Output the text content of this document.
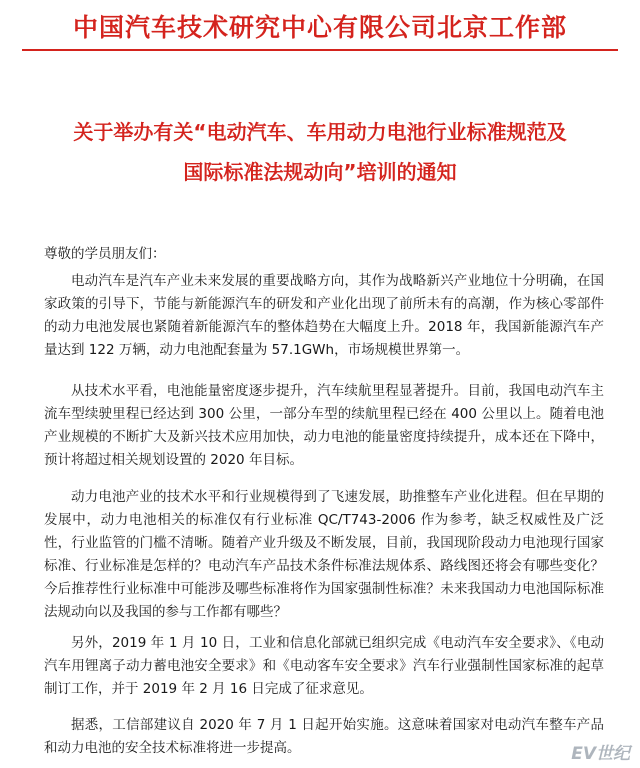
中国汽车技术研究中心有限公司北京工作部
关于举办有关“电动汽车、车用动力电池行业标准规范及
国际标准法规动向”培训的通知
尊敬的学员朋友们：

电动汽车是汽车产业未来发展的重要战略方向，其作为战略新兴产业地位十分明确，在国家政策的引导下，节能与新能源汽车的研发和产业化出现了前所未有的高潮，作为核心零部件的动力电池发展也紧随着新能源汽车的整体趋势在大幅度上升。2018 年，我国新能源汽车产量达到 122 万辆，动力电池配套量为 57.1GWh，市场规模世界第一。

从技术水平看，电池能量密度逐步提升，汽车续航里程显著提升。目前，我国电动汽车主流车型续驶里程已经达到 300 公里，一部分车型的续航里程已经在 400 公里以上。随着电池产业规模的不断扩大及新兴技术应用加快，动力电池的能量密度持续提升，成本还在下降中，预计将超过相关规划设置的 2020 年目标。

动力电池产业的技术水平和行业规模得到了飞速发展，助推整车产业化进程。但在早期的发展中，动力电池相关的标准仅有行业标准 QC/T743-2006 作为参考，缺乏权威性及广泛性，行业监管的门槛不清晰。随着产业升级及不断发展，目前，我国现阶段动力电池现行国家标准、行业标准是怎样的？电动汽车产品技术条件标准法规体系、路线图还将会有哪些变化？今后推荐性行业标准中可能涉及哪些标准将作为国家强制性标准？未来我国动力电池国际标准法规动向以及我国的参与工作都有哪些？

另外，2019 年 1 月 10 日，工业和信息化部就已组织完成《电动汽车安全要求》、《电动汽车用锂离子动力蓄电池安全要求》和《电动客车安全要求》汽车行业强制性国家标准的起草制订工作，并于 2019 年 2 月 16 日完成了征求意见。

据悉，工信部建议自 2020 年 7 月 1 日起开始实施。这意味着国家对电动汽车整车产品和动力电池的安全技术标准将进一步提高。	EV世纪
